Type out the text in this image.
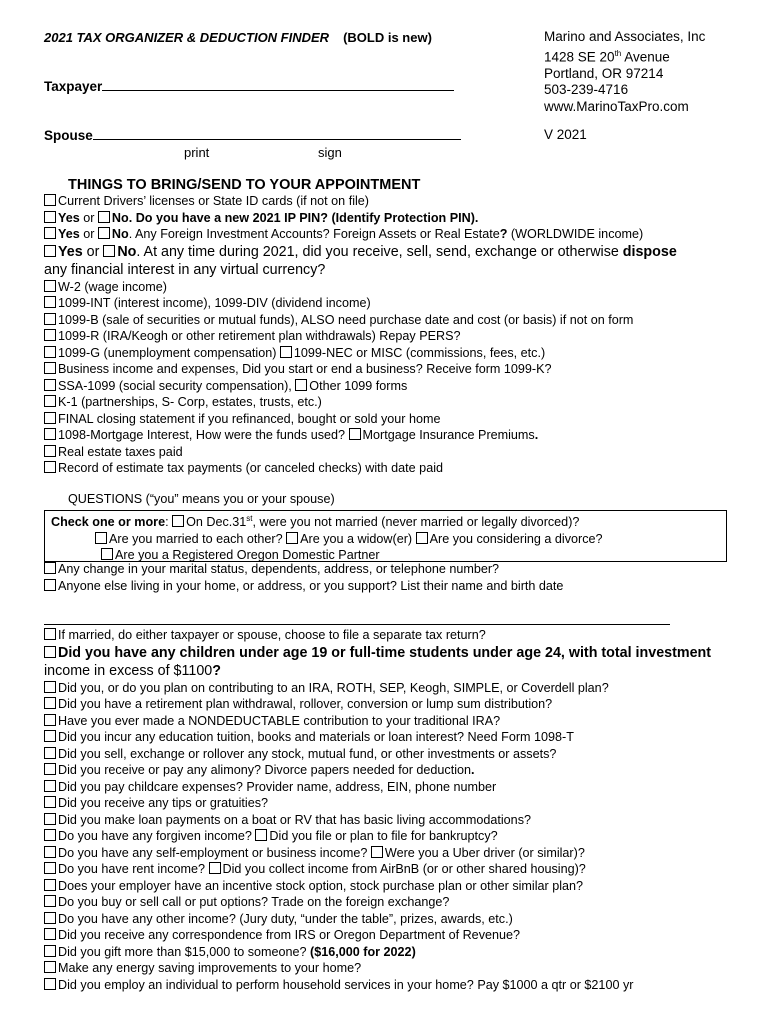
2021 TAX ORGANIZER & DEDUCTION FINDER (BOLD is new)	Marino and Associates, Inc
1428 SE 20th Avenue
Portland, OR 97214
503-239-4716
www.MarinoTaxPro.com
V 2021
Taxpayer
Spouse
print	sign
THINGS TO BRING/SEND TO YOUR APPOINTMENT
Current Drivers’ licenses or State ID cards (if not on file)
Yes or No. Do you have a new 2021 IP PIN? (Identify Protection PIN).
Yes or No. Any Foreign Investment Accounts? Foreign Assets or Real Estate? (WORLDWIDE income)
Yes or No. At any time during 2021, did you receive, sell, send, exchange or otherwise dispose
any financial interest in any virtual currency?
W-2 (wage income)
1099-INT (interest income), 1099-DIV (dividend income)
1099-B (sale of securities or mutual funds), ALSO need purchase date and cost (or basis) if not on form
1099-R (IRA/Keogh or other retirement plan withdrawals) Repay PERS?
1099-G (unemployment compensation) 1099-NEC or MISC (commissions, fees, etc.)
Business income and expenses, Did you start or end a business? Receive form 1099-K?
SSA-1099 (social security compensation), Other 1099 forms
K-1 (partnerships, S- Corp, estates, trusts, etc.)
FINAL closing statement if you refinanced, bought or sold your home
1098-Mortgage Interest, How were the funds used? Mortgage Insurance Premiums.
Real estate taxes paid
Record of estimate tax payments (or canceled checks) with date paid
QUESTIONS (“you” means you or your spouse)
Check one or more: On Dec.31st, were you not married (never married or legally divorced)?
Are you married to each other? Are you a widow(er) Are you considering a divorce?
Are you a Registered Oregon Domestic Partner
Any change in your marital status, dependents, address, or telephone number?
Anyone else living in your home, or address, or you support? List their name and birth date
If married, do either taxpayer or spouse, choose to file a separate tax return?
Did you have any children under age 19 or full-time students under age 24, with total investment
income in excess of $1100?
Did you, or do you plan on contributing to an IRA, ROTH, SEP, Keogh, SIMPLE, or Coverdell plan?
Did you have a retirement plan withdrawal, rollover, conversion or lump sum distribution?
Have you ever made a NONDEDUCTABLE contribution to your traditional IRA?
Did you incur any education tuition, books and materials or loan interest? Need Form 1098-T
Did you sell, exchange or rollover any stock, mutual fund, or other investments or assets?
Did you receive or pay any alimony? Divorce papers needed for deduction.
Did you pay childcare expenses? Provider name, address, EIN, phone number
Did you receive any tips or gratuities?
Did you make loan payments on a boat or RV that has basic living accommodations?
Do you have any forgiven income? Did you file or plan to file for bankruptcy?
Do you have any self-employment or business income? Were you a Uber driver (or similar)?
Do you have rent income? Did you collect income from AirBnB (or or other shared housing)?
Does your employer have an incentive stock option, stock purchase plan or other similar plan?
Do you buy or sell call or put options? Trade on the foreign exchange?
Do you have any other income? (Jury duty, “under the table”, prizes, awards, etc.)
Did you receive any correspondence from IRS or Oregon Department of Revenue?
Did you gift more than $15,000 to someone? ($16,000 for 2022)
Make any energy saving improvements to your home?
Did you employ an individual to perform household services in your home? Pay $1000 a qtr or $2100 yr
